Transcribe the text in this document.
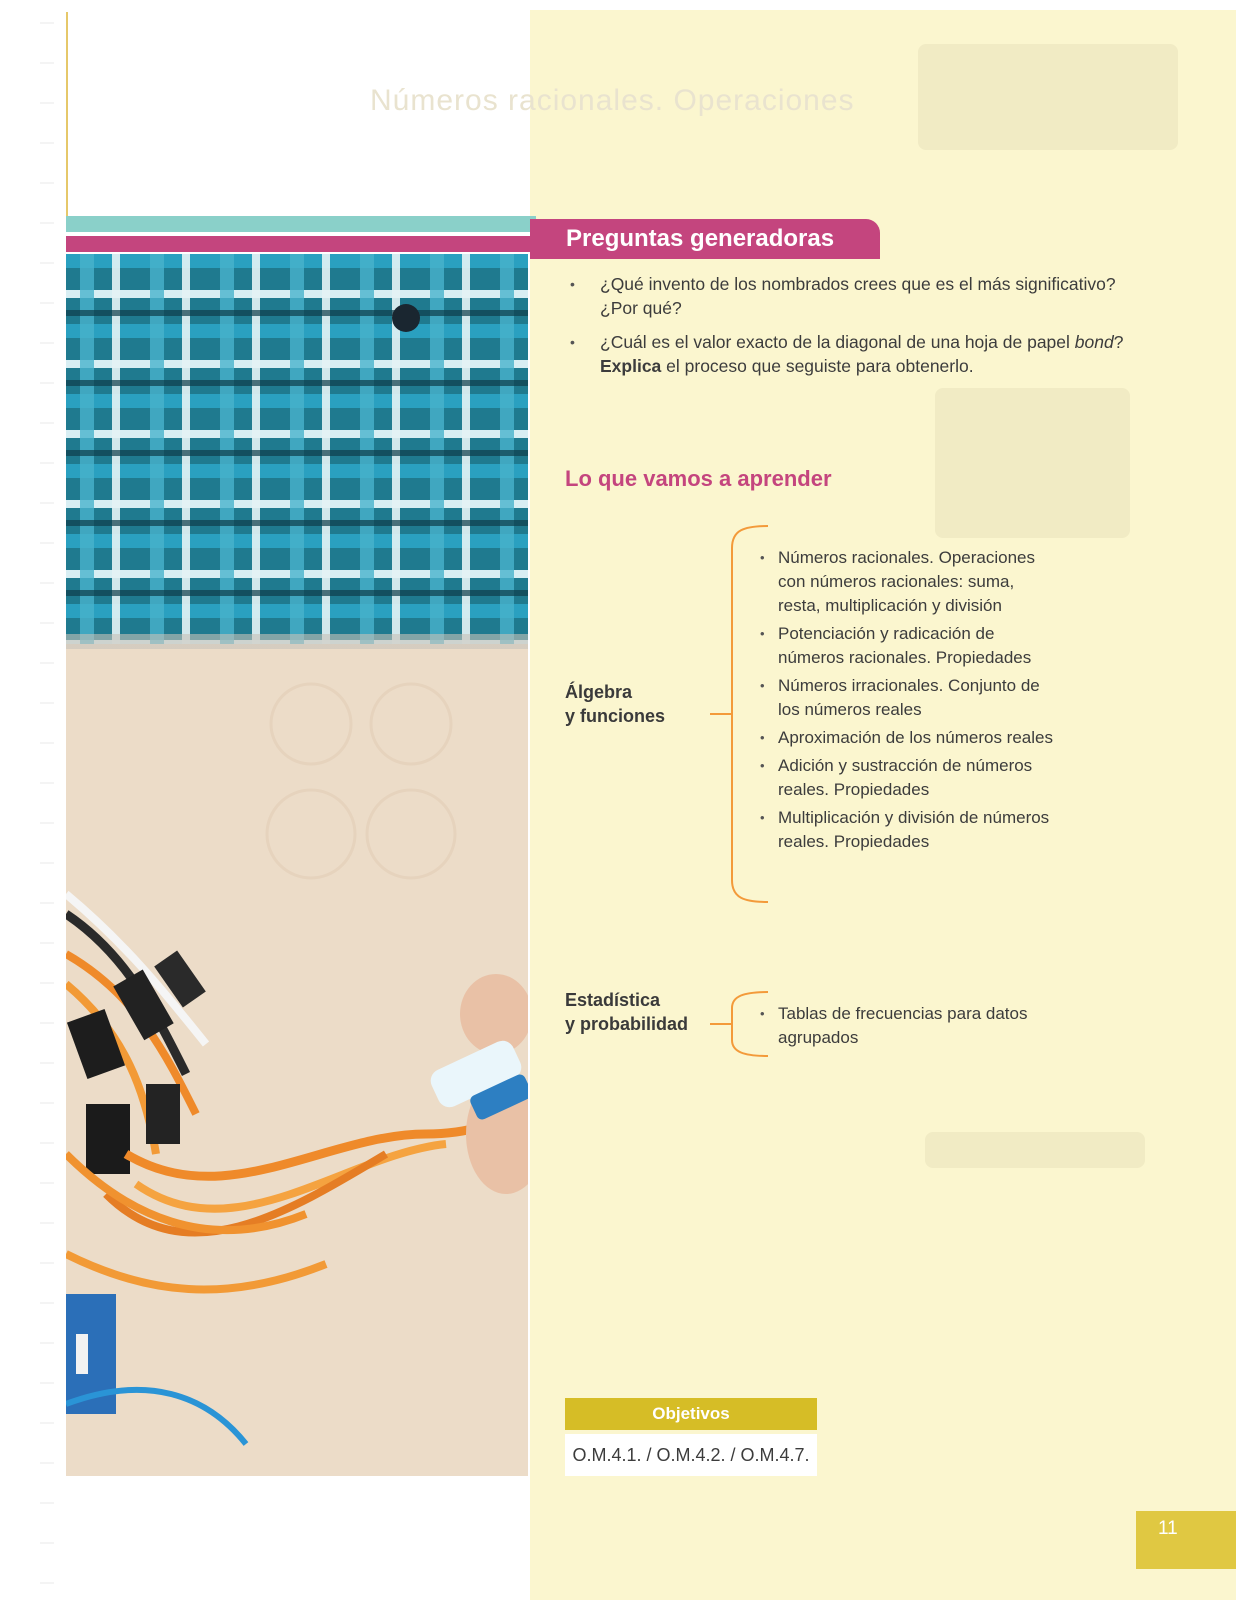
Números racionales. Operaciones
Preguntas generadoras
• ¿Qué invento de los nombrados crees que es el más significativo? ¿Por qué?
• ¿Cuál es el valor exacto de la diagonal de una hoja de papel bond?
Explica el proceso que seguiste para obtenerlo.
Lo que vamos a aprender
Álgebra
y funciones
• Números racionales. Operaciones con números racionales: suma, resta, multiplicación y división
• Potenciación y radicación de números racionales. Propiedades
• Números irracionales. Conjunto de los números reales
• Aproximación de los números reales
• Adición y sustracción de números reales. Propiedades
• Multiplicación y división de números reales. Propiedades
Estadística
y probabilidad
• Tablas de frecuencias para datos agrupados
Objetivos
O.M.4.1. / O.M.4.2. / O.M.4.7.
11
